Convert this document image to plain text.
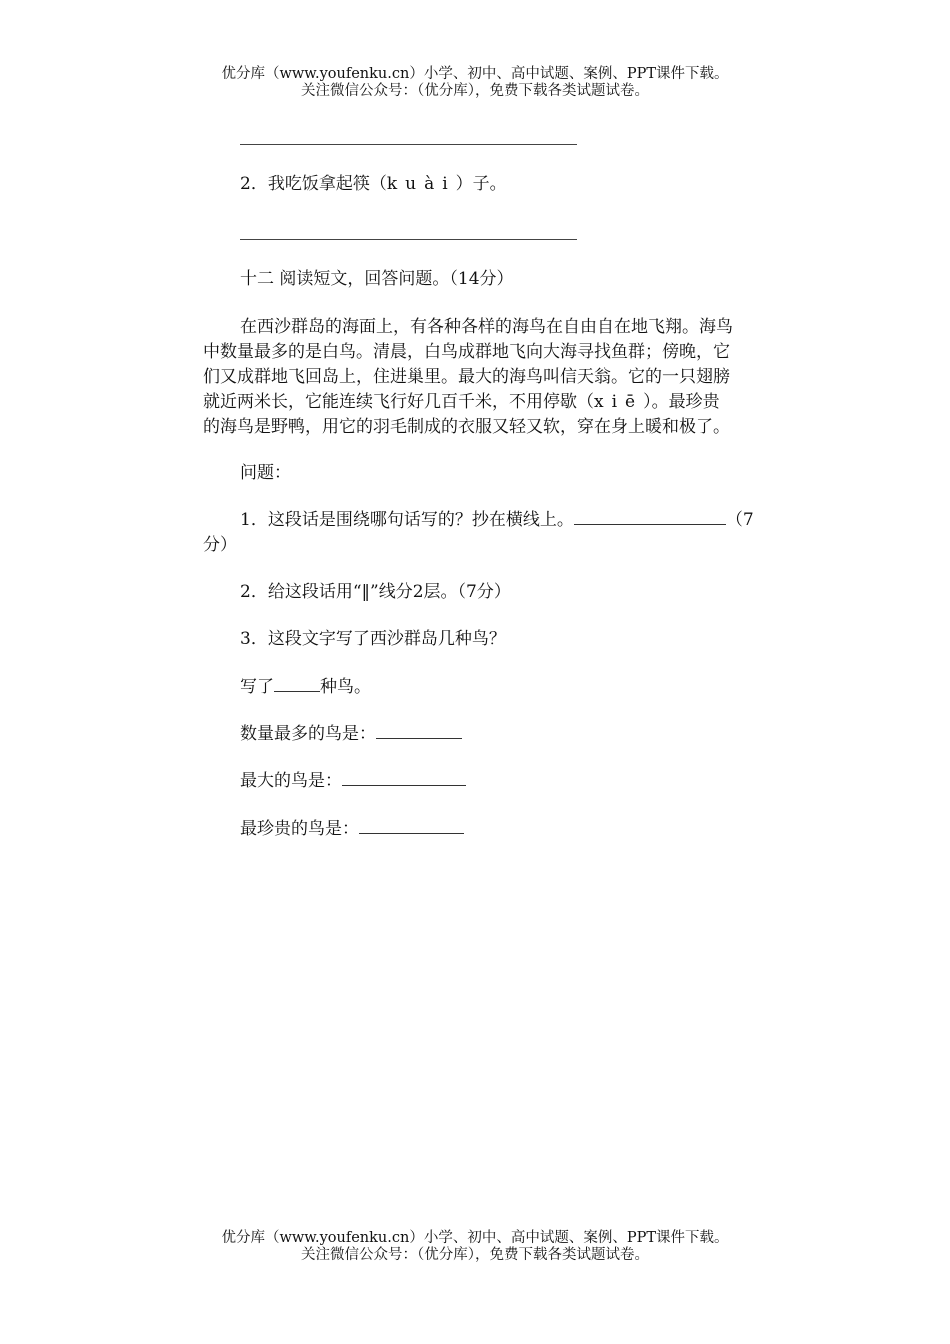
优分库（www.youfenku.cn）小学、初中、高中试题、案例、PPT课件下载。
关注微信公众号：（优分库），免费下载各类试题试卷。
2．我吃饭拿起筷（kuài）子。
十二 阅读短文，回答问题。（14分）
在西沙群岛的海面上，有各种各样的海鸟在自由自在地飞翔。海鸟
中数量最多的是白鸟。清晨，白鸟成群地飞向大海寻找鱼群；傍晚，它
们又成群地飞回岛上，住进巢里。最大的海鸟叫信天翁。它的一只翅膀
就近两米长，它能连续飞行好几百千米，不用停歇（xiē）。最珍贵
的海鸟是野鸭，用它的羽毛制成的衣服又轻又软，穿在身上暖和极了。
问题：
1．这段话是围绕哪句话写的？抄在横线上。	（7
分）
2．给这段话用“‖”线分2层。（7分）
3．这段文字写了西沙群岛几种鸟？
写了	种鸟。
数量最多的鸟是：
最大的鸟是：
最珍贵的鸟是：
优分库（www.youfenku.cn）小学、初中、高中试题、案例、PPT课件下载。
关注微信公众号：（优分库），免费下载各类试题试卷。
